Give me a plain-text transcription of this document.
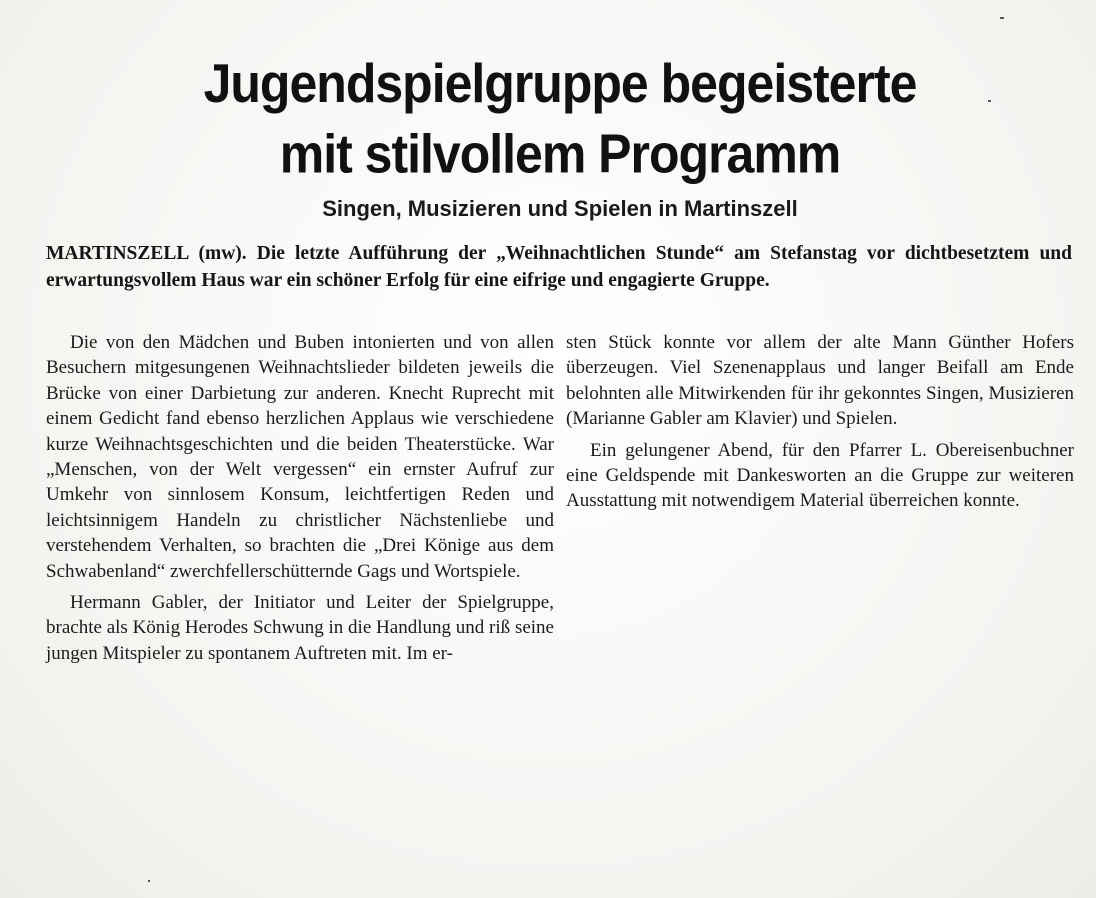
Jugendspielgruppe begeisterte
mit stilvollem Programm
Singen, Musizieren und Spielen in Martinszell
MARTINSZELL (mw). Die letzte Aufführung der „Weihnachtlichen Stunde“ am Stefanstag vor dichtbesetztem und erwartungsvollem Haus war ein schöner Erfolg für eine eifrige und engagierte Gruppe.

Die von den Mädchen und Buben intonierten und von allen Besuchern mitgesungenen Weihnachtslieder bildeten jeweils die Brücke von einer Darbietung zur anderen. Knecht Ruprecht mit einem Gedicht fand ebenso herzlichen Applaus wie verschiedene kurze Weihnachtsgeschichten und die beiden Theaterstücke. War „Menschen, von der Welt vergessen“ ein ernster Aufruf zur Umkehr von sinnlosem Konsum, leichtfertigen Reden und leichtsinnigem Handeln zu christlicher Nächstenliebe und verstehendem Verhalten, so brachten die „Drei Könige aus dem Schwabenland“ zwerchfellerschütternde Gags und Wortspiele.

Hermann Gabler, der Initiator und Leiter der Spielgruppe, brachte als König Herodes Schwung in die Handlung und riß seine jungen Mitspieler zu spontanem Auftreten mit. Im er-

sten Stück konnte vor allem der alte Mann Günther Hofers überzeugen. Viel Szenenapplaus und langer Beifall am Ende belohnten alle Mitwirkenden für ihr gekonntes Singen, Musizieren (Marianne Gabler am Klavier) und Spielen.

Ein gelungener Abend, für den Pfarrer L. Obereisenbuchner eine Geldspende mit Dankesworten an die Gruppe zur weiteren Ausstattung mit notwendigem Material überreichen konnte.
